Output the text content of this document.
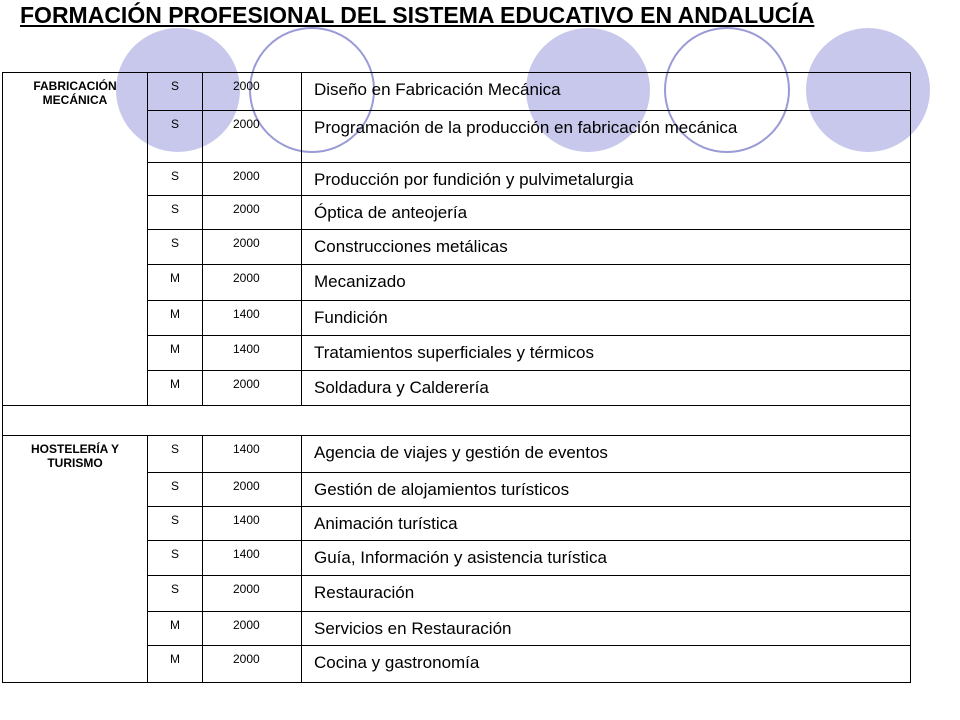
FORMACIÓN PROFESIONAL DEL SISTEMA EDUCATIVO EN ANDALUCÍA
FABRICACIÓN MECÁNICA	S	2000	Diseño en Fabricación Mecánica
	S	2000	Programación de la producción en fabricación mecánica
	S	2000	Producción por fundición y pulvimetalurgia
	S	2000	Óptica de anteojería
	S	2000	Construcciones metálicas
	M	2000	Mecanizado
	M	1400	Fundición
	M	1400	Tratamientos superficiales y térmicos
	M	2000	Soldadura y Calderería

HOSTELERÍA Y TURISMO	S	1400	Agencia de viajes y gestión de eventos
	S	2000	Gestión de alojamientos turísticos
	S	1400	Animación turística
	S	1400	Guía, Información y asistencia turística
	S	2000	Restauración
	M	2000	Servicios en Restauración
	M	2000	Cocina y gastronomía
